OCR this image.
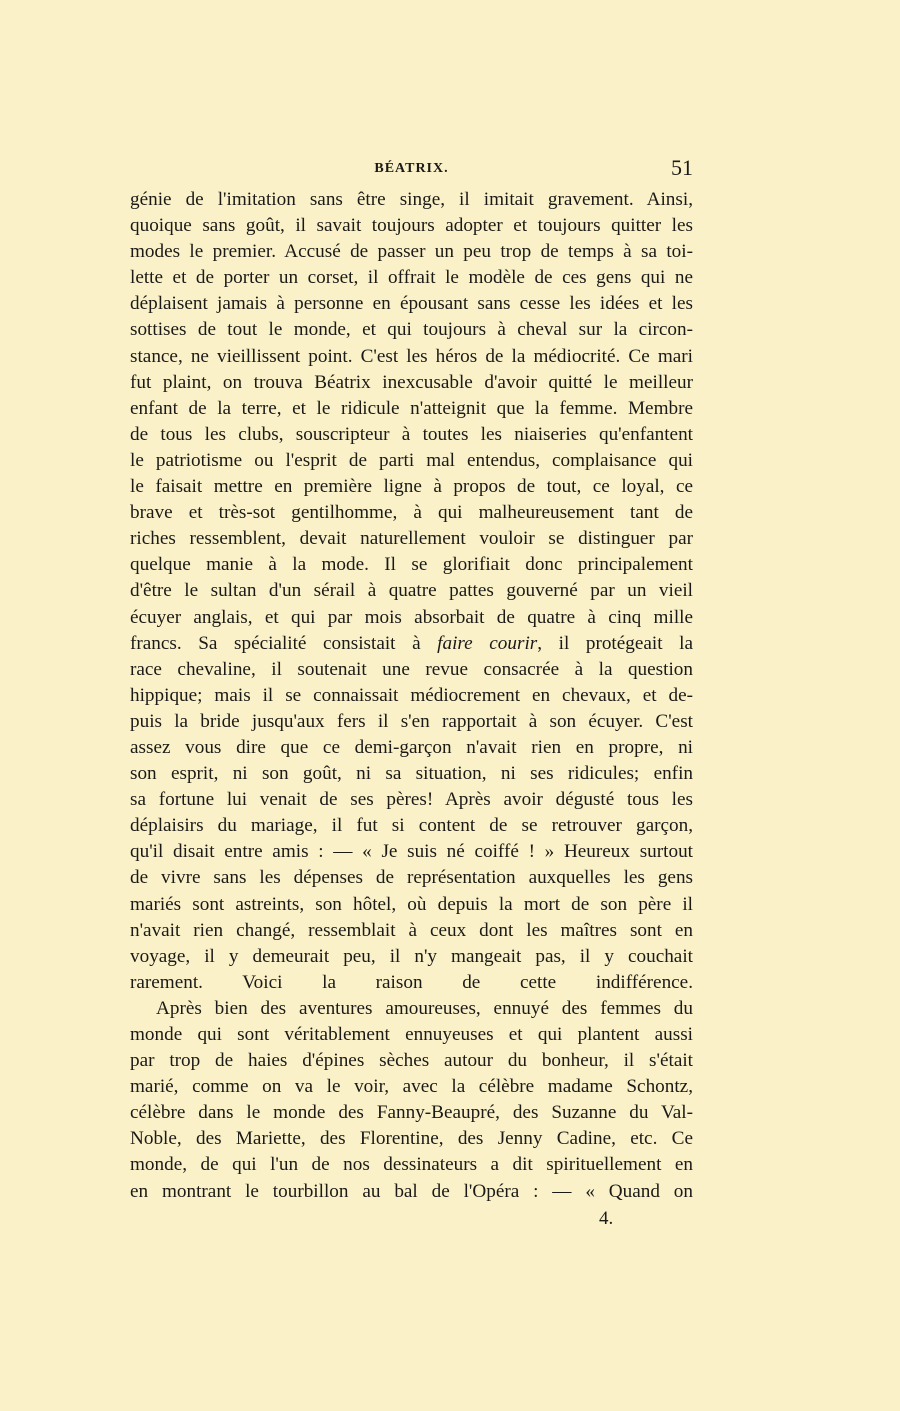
BÉATRIX.	51
génie de l'imitation sans être singe, il imitait gravement. Ainsi,
quoique sans goût, il savait toujours adopter et toujours quitter les
modes le premier. Accusé de passer un peu trop de temps à sa toi-
lette et de porter un corset, il offrait le modèle de ces gens qui ne
déplaisent jamais à personne en épousant sans cesse les idées et les
sottises de tout le monde, et qui toujours à cheval sur la circon-
stance, ne vieillissent point. C'est les héros de la médiocrité. Ce mari
fut plaint, on trouva Béatrix inexcusable d'avoir quitté le meilleur
enfant de la terre, et le ridicule n'atteignit que la femme. Membre
de tous les clubs, souscripteur à toutes les niaiseries qu'enfantent
le patriotisme ou l'esprit de parti mal entendus, complaisance qui
le faisait mettre en première ligne à propos de tout, ce loyal, ce
brave et très-sot gentilhomme, à qui malheureusement tant de
riches ressemblent, devait naturellement vouloir se distinguer par
quelque manie à la mode. Il se glorifiait donc principalement
d'être le sultan d'un sérail à quatre pattes gouverné par un vieil
écuyer anglais, et qui par mois absorbait de quatre à cinq mille
francs. Sa spécialité consistait à faire courir, il protégeait la
race chevaline, il soutenait une revue consacrée à la question
hippique; mais il se connaissait médiocrement en chevaux, et de-
puis la bride jusqu'aux fers il s'en rapportait à son écuyer. C'est
assez vous dire que ce demi-garçon n'avait rien en propre, ni
son esprit, ni son goût, ni sa situation, ni ses ridicules; enfin
sa fortune lui venait de ses pères! Après avoir dégusté tous les
déplaisirs du mariage, il fut si content de se retrouver garçon,
qu'il disait entre amis : — « Je suis né coiffé ! » Heureux surtout
de vivre sans les dépenses de représentation auxquelles les gens
mariés sont astreints, son hôtel, où depuis la mort de son père il
n'avait rien changé, ressemblait à ceux dont les maîtres sont en
voyage, il y demeurait peu, il n'y mangeait pas, il y couchait
rarement. Voici la raison de cette indifférence.
Après bien des aventures amoureuses, ennuyé des femmes du
monde qui sont véritablement ennuyeuses et qui plantent aussi
par trop de haies d'épines sèches autour du bonheur, il s'était
marié, comme on va le voir, avec la célèbre madame Schontz,
célèbre dans le monde des Fanny-Beaupré, des Suzanne du Val-
Noble, des Mariette, des Florentine, des Jenny Cadine, etc. Ce
monde, de qui l'un de nos dessinateurs a dit spirituellement en
en montrant le tourbillon au bal de l'Opéra : — « Quand on
4.
